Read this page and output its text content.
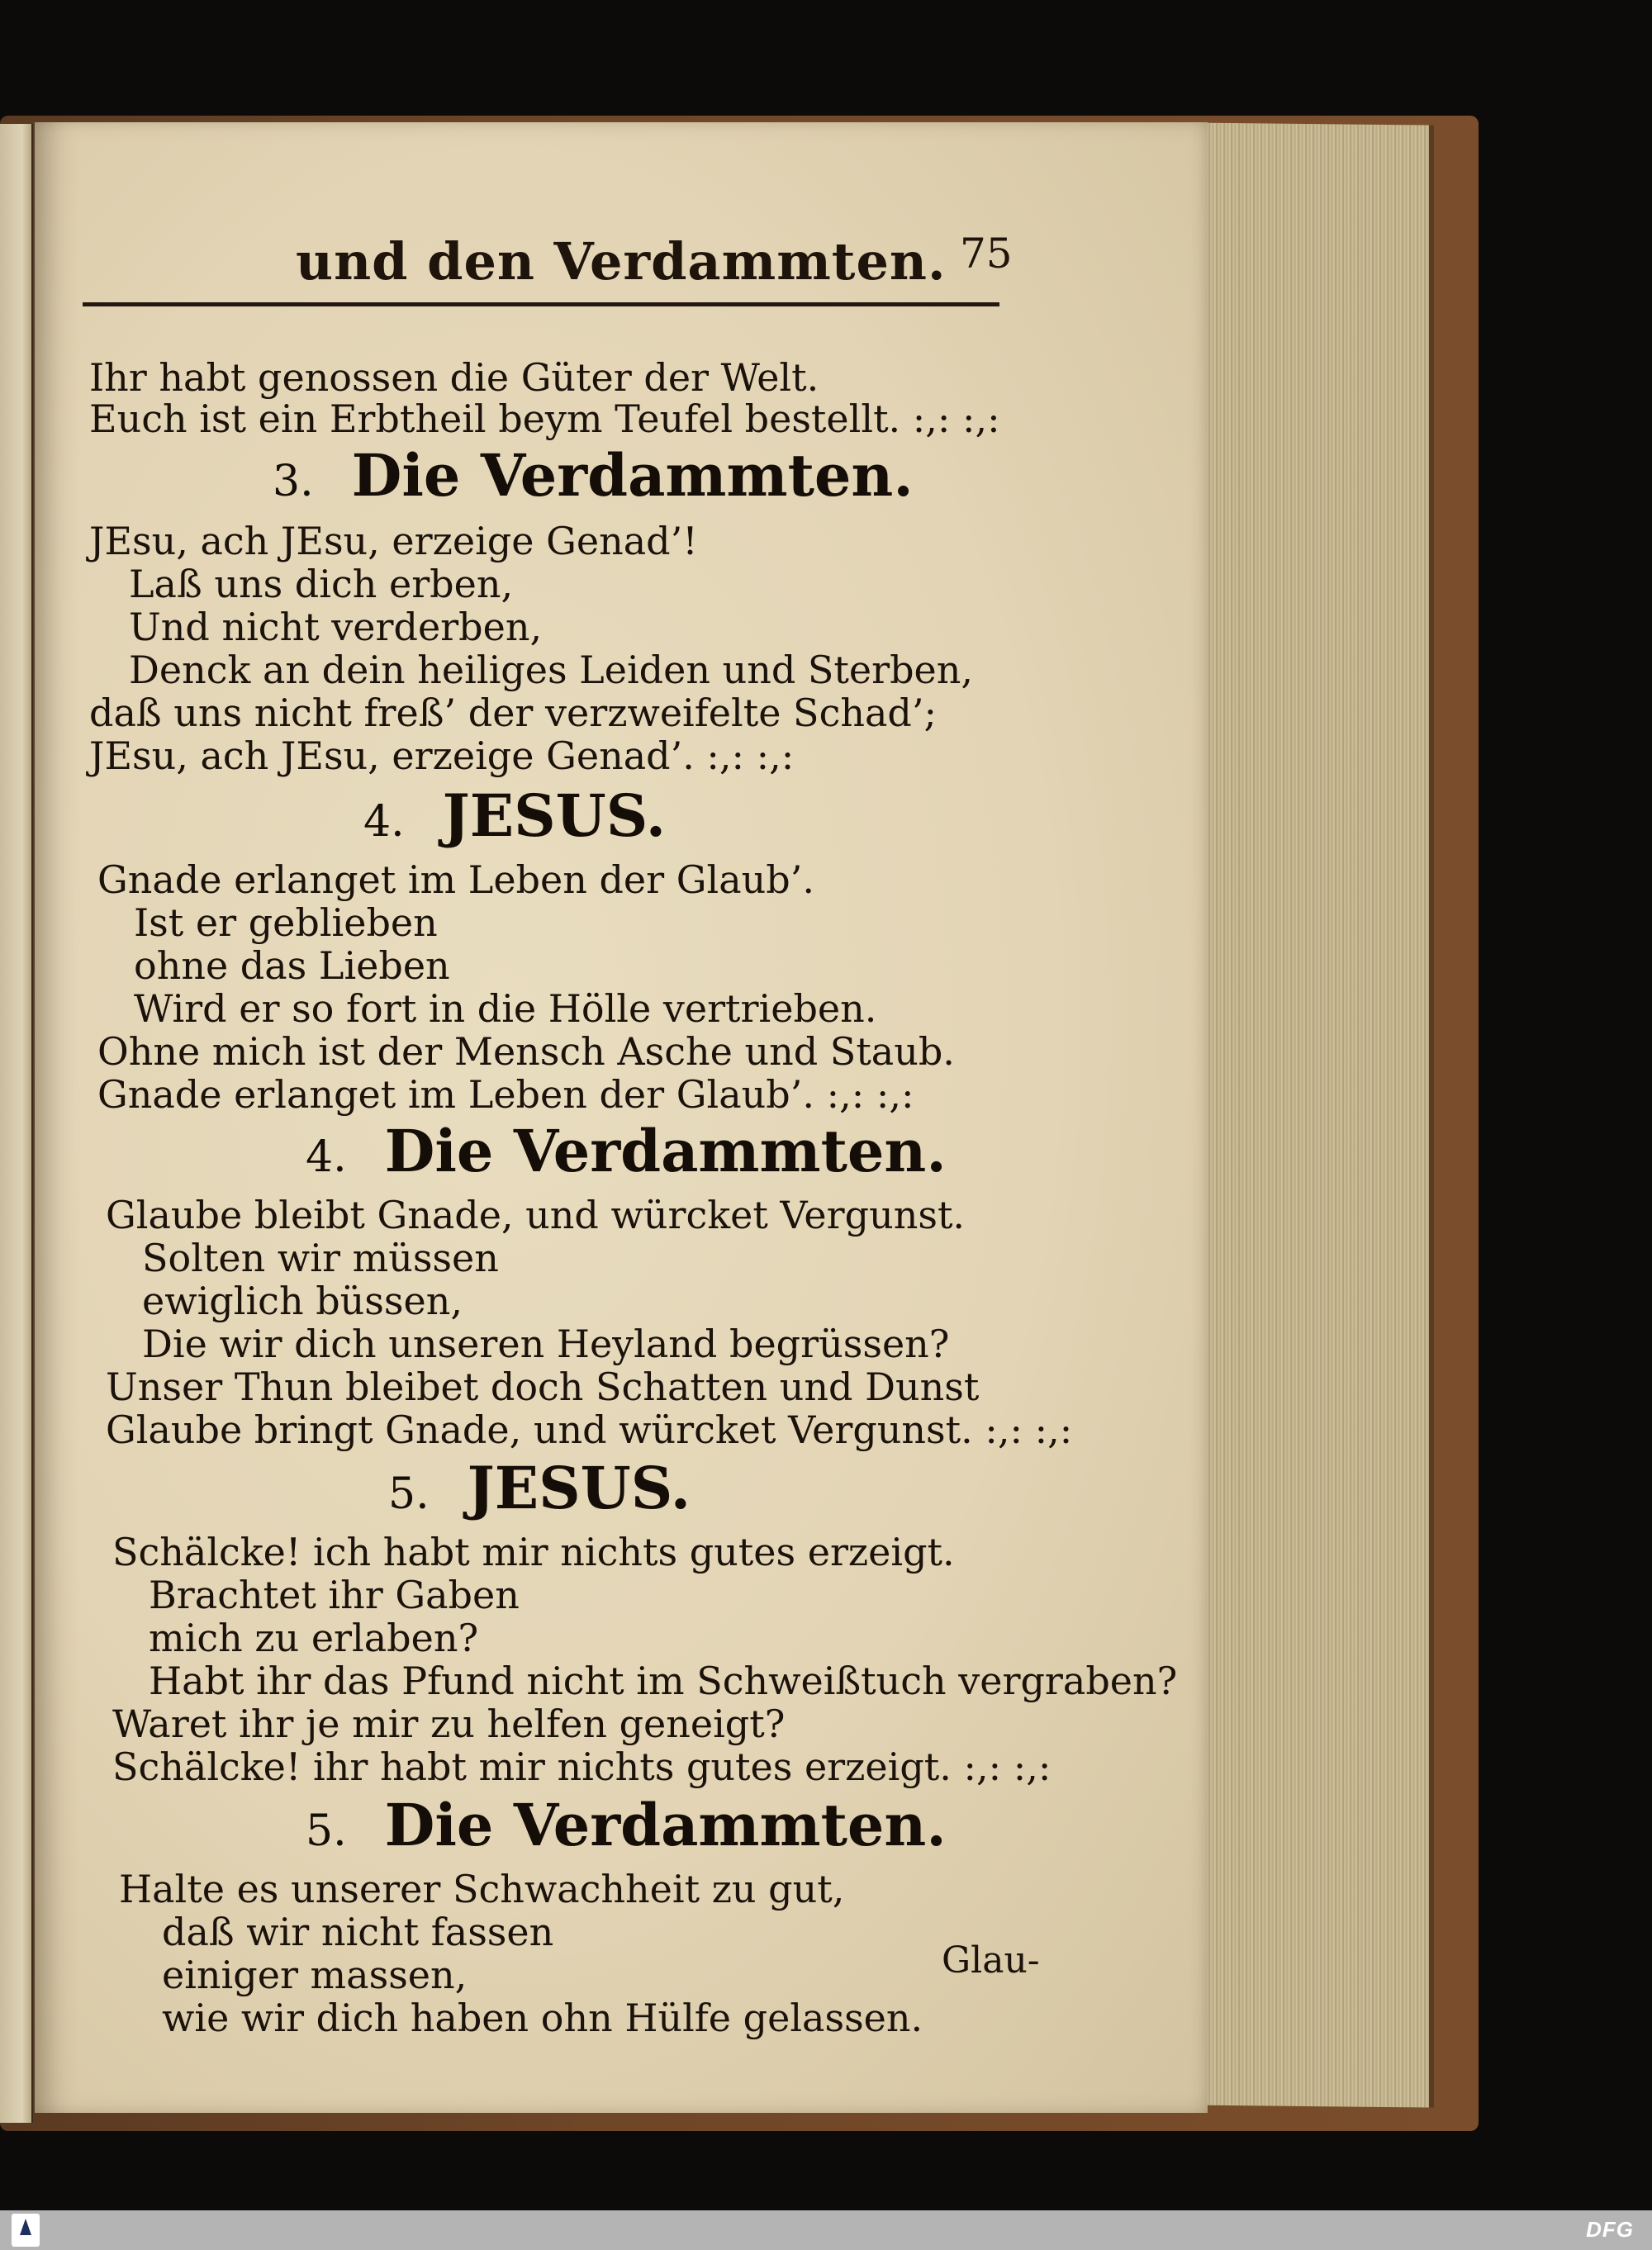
und den Verdammten. 75
Ihr habt genossen die Güter der Welt.
Euch ist ein Erbtheil beym Teufel bestellt. :,: :,:
3. Die Verdammten.
JEsu, ach JEsu, erzeige Genad’!
Laß uns dich erben,
Und nicht verderben,
Denck an dein heiliges Leiden und Sterben,
daß uns nicht freß’ der verzweifelte Schad’;
JEsu, ach JEsu, erzeige Genad’. :,: :,:
4. JESUS.
Gnade erlanget im Leben der Glaub’.
Ist er geblieben
ohne das Lieben
Wird er so fort in die Hölle vertrieben.
Ohne mich ist der Mensch Asche und Staub.
Gnade erlanget im Leben der Glaub’. :,: :,:
4. Die Verdammten.
Glaube bleibt Gnade, und würcket Vergunst.
Solten wir müssen
ewiglich büssen,
Die wir dich unseren Heyland begrüssen?
Unser Thun bleibet doch Schatten und Dunst
Glaube bringt Gnade, und würcket Vergunst. :,: :,:
5. JESUS.
Schälcke! ich habt mir nichts gutes erzeigt.
Brachtet ihr Gaben
mich zu erlaben?
Habt ihr das Pfund nicht im Schweißtuch vergraben?
Waret ihr je mir zu helfen geneigt?
Schälcke! ihr habt mir nichts gutes erzeigt. :,: :,:
5. Die Verdammten.
Halte es unserer Schwachheit zu gut,
daß wir nicht fassen
einiger massen,
wie wir dich haben ohn Hülfe gelassen.
Glau-
DFG
